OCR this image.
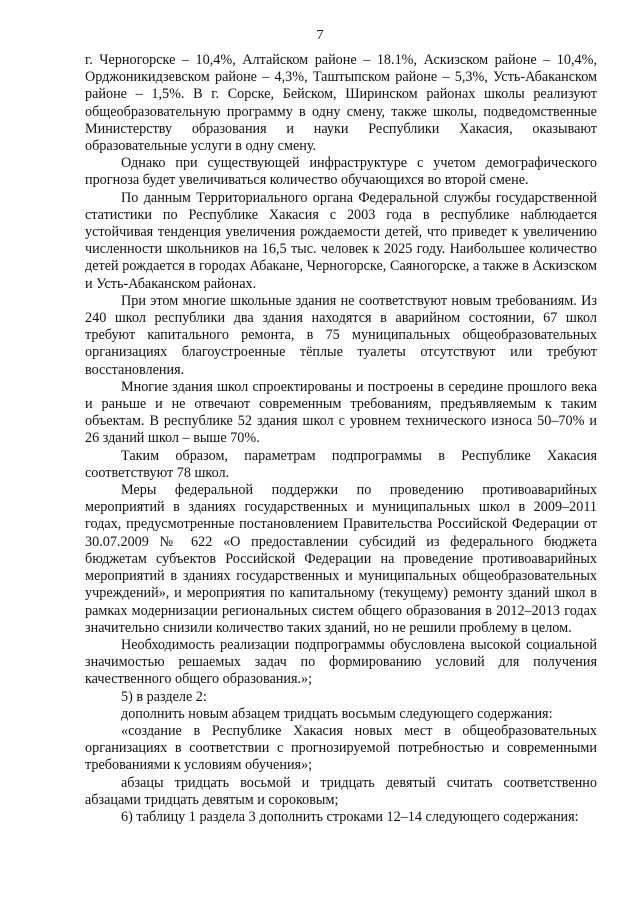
7

г. Черногорске – 10,4%, Алтайском районе – 18.1%, Аскизском районе – 10,4%, Орджоникидзевском районе – 4,3%, Таштыпском районе – 5,3%, Усть-Абаканском районе – 1,5%. В г. Сорске, Бейском, Ширинском районах школы реализуют общеобразовательную программу в одну смену, также школы, подведомственные Министерству образования и науки Республики Хакасия, оказывают образовательные услуги в одну смену.

Однако при существующей инфраструктуре с учетом демографического прогноза будет увеличиваться количество обучающихся во второй смене.

По данным Территориального органа Федеральной службы государственной статистики по Республике Хакасия с 2003 года в республике наблюдается устойчивая тенденция увеличения рождаемости детей, что приведет к увеличению численности школьников на 16,5 тыс. человек к 2025 году. Наибольшее количество детей рождается в городах Абакане, Черногорске, Саяногорске, а также в Аскизском и Усть-Абаканском районах.

При этом многие школьные здания не соответствуют новым требованиям. Из 240 школ республики два здания находятся в аварийном состоянии, 67 школ требуют капитального ремонта, в 75 муниципальных общеобразовательных организациях благоустроенные тёплые туалеты отсутствуют или требуют восстановления.

Многие здания школ спроектированы и построены в середине прошлого века и раньше и не отвечают современным требованиям, предъявляемым к таким объектам. В республике 52 здания школ с уровнем технического износа 50–70% и 26 зданий школ – выше 70%.

Таким образом, параметрам подпрограммы в Республике Хакасия соответствуют 78 школ.

Меры федеральной поддержки по проведению противоаварийных мероприятий в зданиях государственных и муниципальных школ в 2009–2011 годах, предусмотренные постановлением Правительства Российской Федерации от 30.07.2009 № 622 «О предоставлении субсидий из федерального бюджета бюджетам субъектов Российской Федерации на проведение противоаварийных мероприятий в зданиях государственных и муниципальных общеобразовательных учреждений», и мероприятия по капитальному (текущему) ремонту зданий школ в рамках модернизации региональных систем общего образования в 2012–2013 годах значительно снизили количество таких зданий, но не решили проблему в целом.

Необходимость реализации подпрограммы обусловлена высокой социальной значимостью решаемых задач по формированию условий для получения качественного общего образования.»;

5) в разделе 2:

дополнить новым абзацем тридцать восьмым следующего содержания:

«создание в Республике Хакасия новых мест в общеобразовательных организациях в соответствии с прогнозируемой потребностью и современными требованиями к условиям обучения»;

абзацы тридцать восьмой и тридцать девятый считать соответственно абзацами тридцать девятым и сороковым;

6) таблицу 1 раздела 3 дополнить строками 12–14 следующего содержания:
